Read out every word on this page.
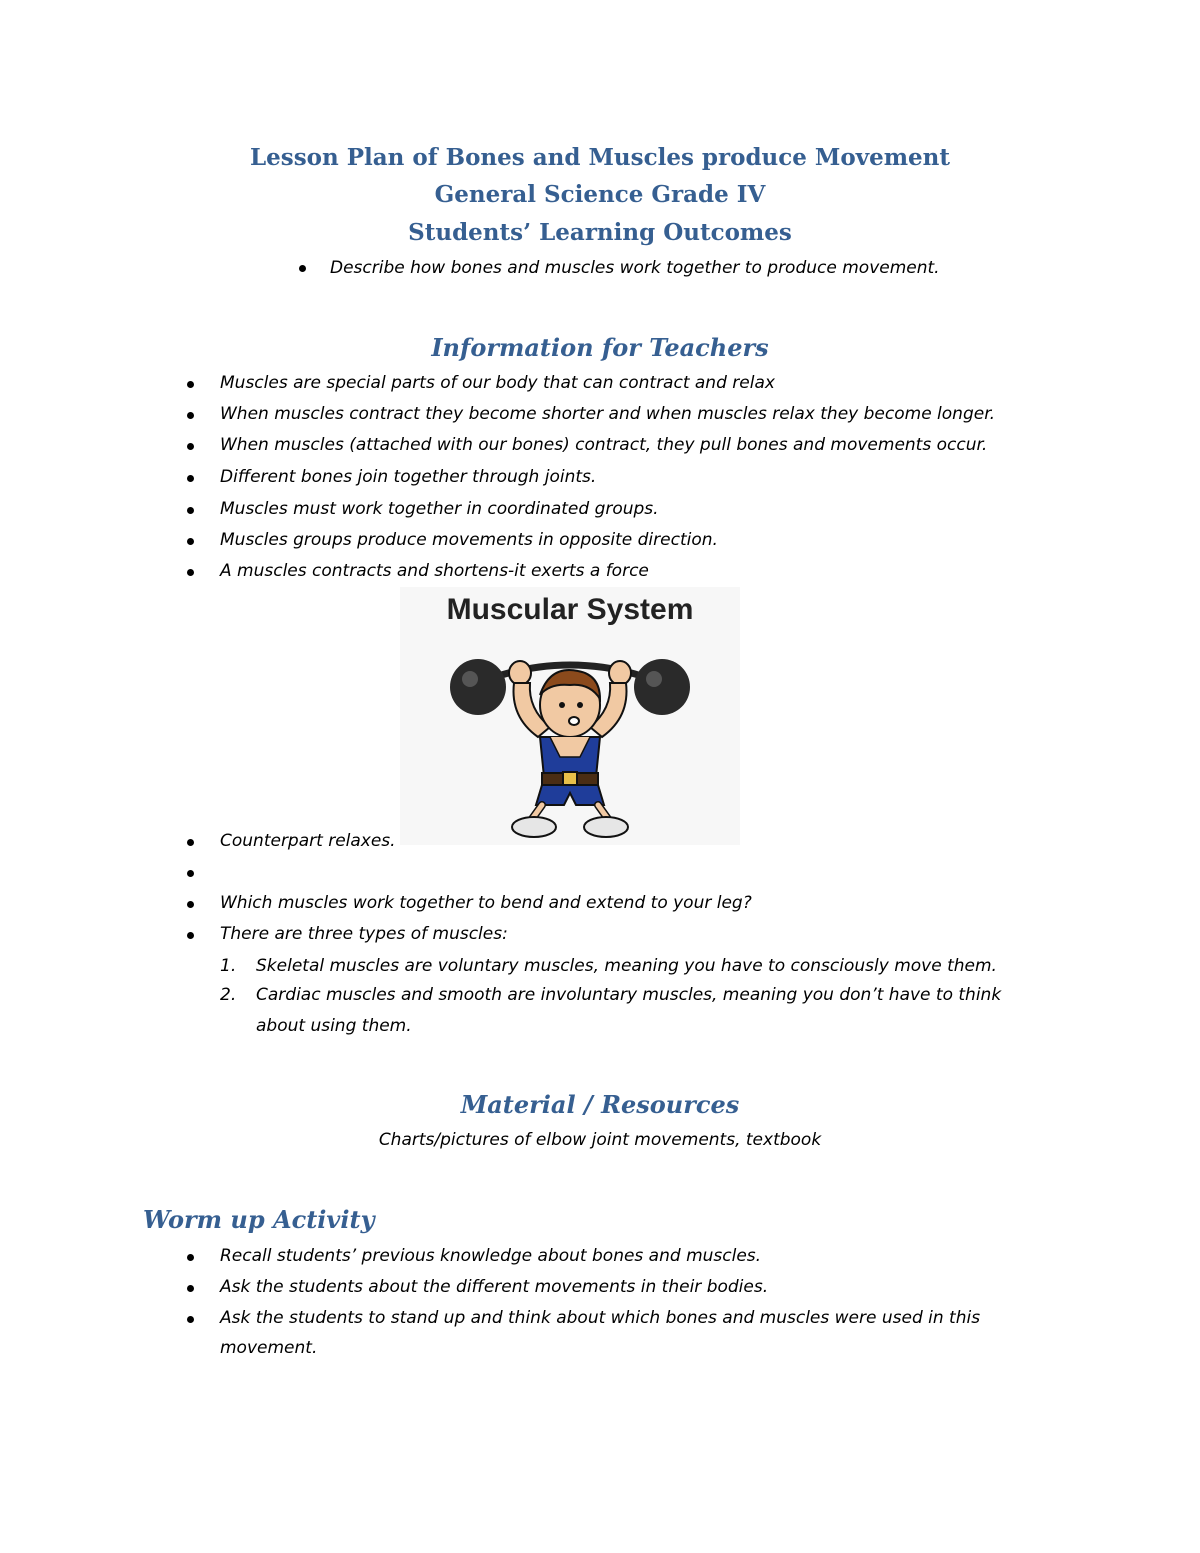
Lesson Plan of Bones and Muscles produce Movement
General Science Grade IV
Students’ Learning Outcomes

Describe how bones and muscles work together to produce movement.

Information for Teachers

Muscles are special parts of our body that can contract and relax

When muscles contract they become shorter and when muscles relax they become longer.

When muscles (attached with our bones) contract, they pull bones and movements occur.

Different bones join together through joints.

Muscles must work together in coordinated groups.

Muscles groups produce movements in opposite direction.

A muscles contracts and shortens-it exerts a force

Muscular System

Counterpart relaxes.

Which muscles work together to bend and extend to your leg?

There are three types of muscles:

1. Skeletal muscles are voluntary muscles, meaning you have to consciously move them.

2. Cardiac muscles and smooth are involuntary muscles, meaning you don’t have to think

about using them.

Material / Resources

Charts/pictures of elbow joint movements, textbook

Worm up Activity

Recall students’ previous knowledge about bones and muscles.

Ask the students about the different movements in their bodies.

Ask the students to stand up and think about which bones and muscles were used in this

movement.
